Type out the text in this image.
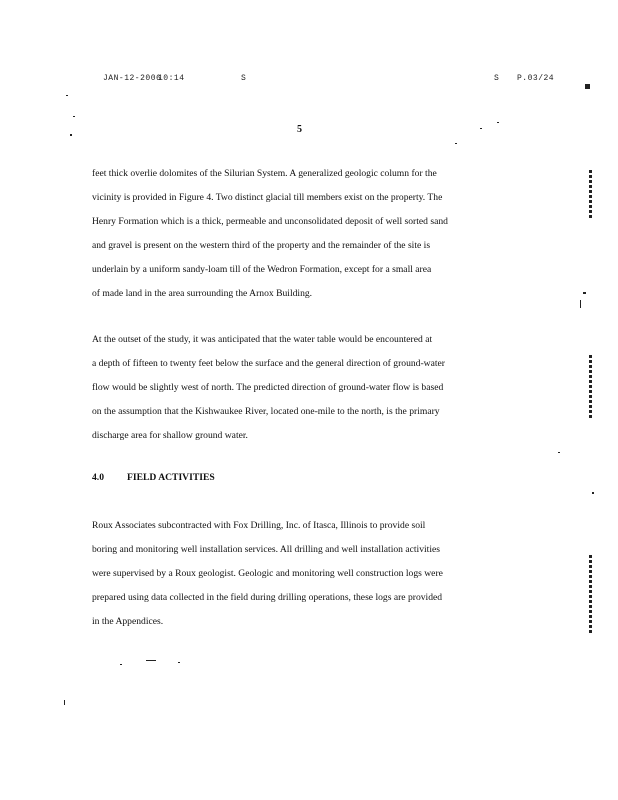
JAN-12-2006
10:14	S	S P.03/24
5

feet thick overlie dolomites of the Silurian System. A generalized geologic column for the
vicinity is provided in Figure 4. Two distinct glacial till members exist on the property. The
Henry Formation which is a thick, permeable and unconsolidated deposit of well sorted sand
and gravel is present on the western third of the property and the remainder of the site is
underlain by a uniform sandy-loam till of the Wedron Formation, except for a small area
of made land in the area surrounding the Arnox Building.

At the outset of the study, it was anticipated that the water table would be encountered at
a depth of fifteen to twenty feet below the surface and the general direction of ground-water
flow would be slightly west of north. The predicted direction of ground-water flow is based
on the assumption that the Kishwaukee River, located one-mile to the north, is the primary
discharge area for shallow ground water.

4.0 FIELD ACTIVITIES

Roux Associates subcontracted with Fox Drilling, Inc. of Itasca, Illinois to provide soil
boring and monitoring well installation services. All drilling and well installation activities
were supervised by a Roux geologist. Geologic and monitoring well construction logs were
prepared using data collected in the field during drilling operations, these logs are provided
in the Appendices.
